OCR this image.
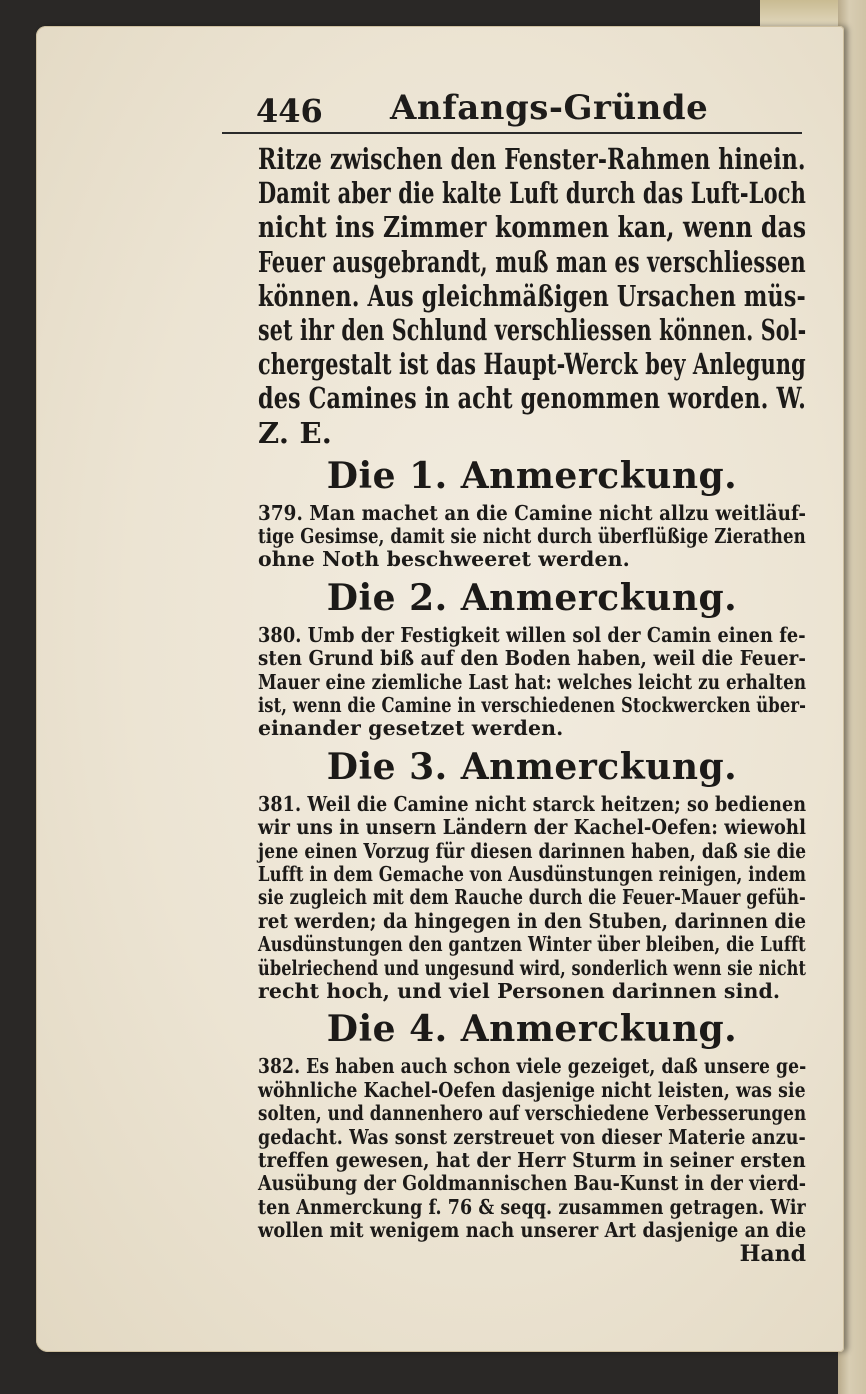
446 Anfangs-Gründe
Ritze zwischen den Fenster-Rahmen hinein.
Damit aber die kalte Luft durch das Luft-Loch
nicht ins Zimmer kommen kan, wenn das
Feuer ausgebrandt, muß man es verschliessen
können. Aus gleichmäßigen Ursachen müs-
set ihr den Schlund verschliessen können. Sol-
chergestalt ist das Haupt-Werck bey Anlegung
des Camines in acht genommen worden. W.
Z. E.
Die 1. Anmerckung.
379. Man machet an die Camine nicht allzu weitläuf-
tige Gesimse, damit sie nicht durch überflüßige Zierathen
ohne Noth beschweeret werden.
Die 2. Anmerckung.
380. Umb der Festigkeit willen sol der Camin einen fe-
sten Grund biß auf den Boden haben, weil die Feuer-
Mauer eine ziemliche Last hat: welches leicht zu erhalten
ist, wenn die Camine in verschiedenen Stockwercken über-
einander gesetzet werden.
Die 3. Anmerckung.
381. Weil die Camine nicht starck heitzen; so bedienen
wir uns in unsern Ländern der Kachel-Oefen: wiewohl
jene einen Vorzug für diesen darinnen haben, daß sie die
Lufft in dem Gemache von Ausdünstungen reinigen, indem
sie zugleich mit dem Rauche durch die Feuer-Mauer gefüh-
ret werden; da hingegen in den Stuben, darinnen die
Ausdünstungen den gantzen Winter über bleiben, die Lufft
übelriechend und ungesund wird, sonderlich wenn sie nicht
recht hoch, und viel Personen darinnen sind.
Die 4. Anmerckung.
382. Es haben auch schon viele gezeiget, daß unsere ge-
wöhnliche Kachel-Oefen dasjenige nicht leisten, was sie
solten, und dannenhero auf verschiedene Verbesserungen
gedacht. Was sonst zerstreuet von dieser Materie anzu-
treffen gewesen, hat der Herr Sturm in seiner ersten
Ausübung der Goldmannischen Bau-Kunst in der vierd-
ten Anmerckung f. 76 & seqq. zusammen getragen. Wir
wollen mit wenigem nach unserer Art dasjenige an die
Hand
